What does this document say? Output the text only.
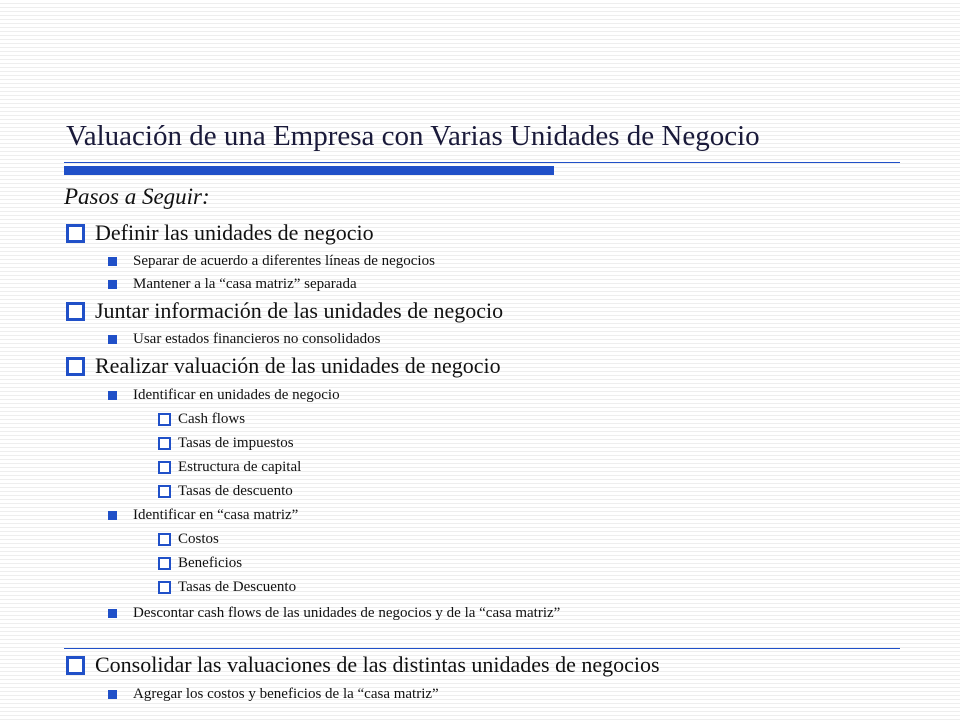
Valuación de una Empresa con Varias Unidades de Negocio
Pasos a Seguir:
Definir las unidades de negocio
Separar de acuerdo a diferentes líneas de negocios
Mantener a la “casa matriz” separada
Juntar información de las unidades de negocio
Usar estados financieros no consolidados
Realizar valuación de las unidades de negocio
Identificar en unidades de negocio
Cash flows
Tasas de impuestos
Estructura de capital
Tasas de descuento
Identificar en “casa matriz”
Costos
Beneficios
Tasas de Descuento
Descontar cash flows de las unidades de negocios y de la “casa matriz”
Consolidar las valuaciones de las distintas unidades de negocios
Agregar los costos y beneficios de la “casa matriz”
